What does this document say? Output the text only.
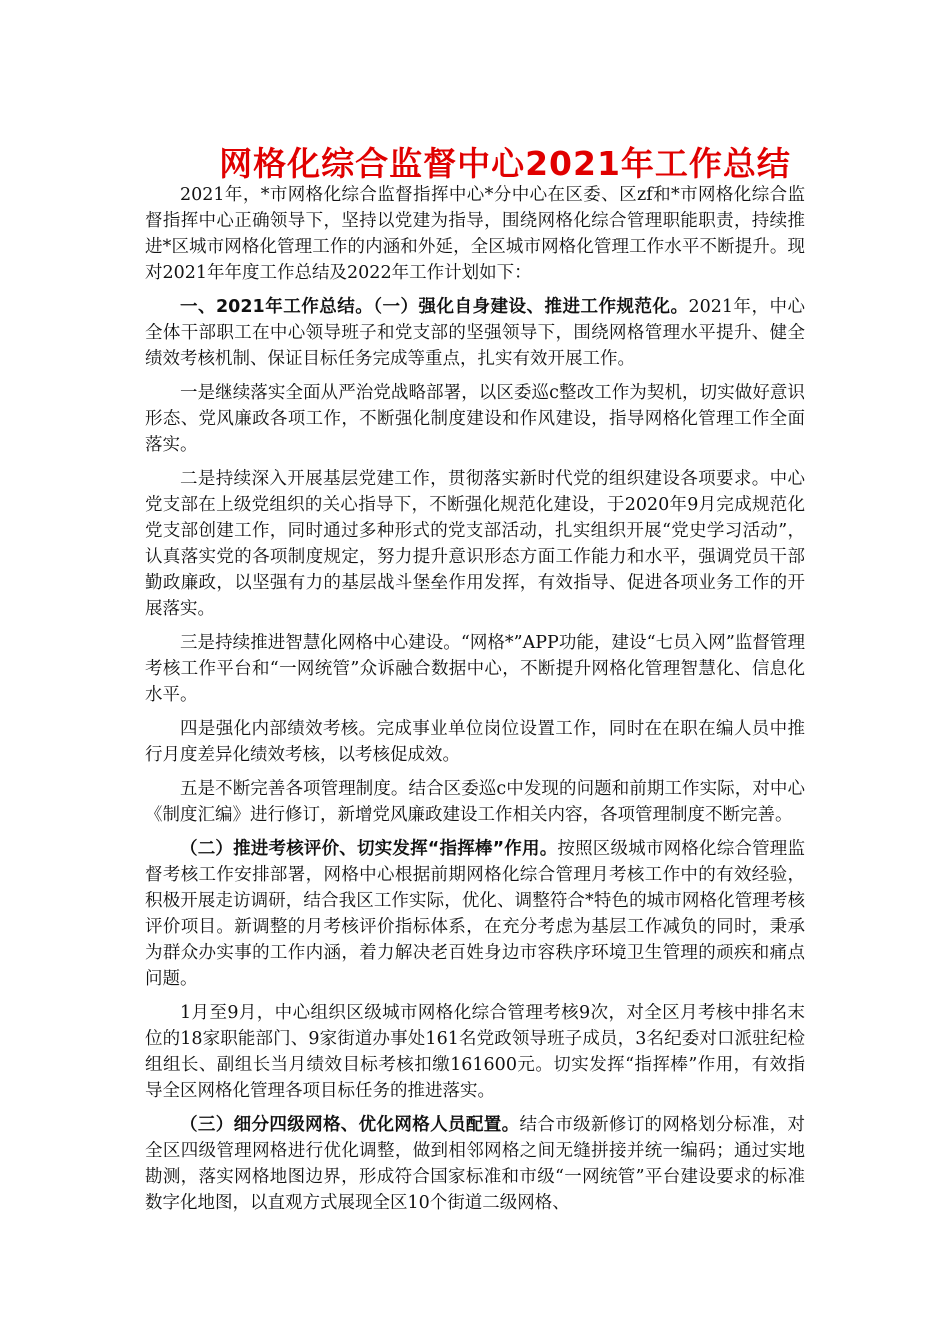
网格化综合监督中心2021年工作总结

2021年，*市网格化综合监督指挥中心*分中心在区委、区zf和*市网格化综合监督指挥中心正确领导下，坚持以党建为指导，围绕网格化综合管理职能职责，持续推进*区城市网格化管理工作的内涵和外延，全区城市网格化管理工作水平不断提升。现对2021年年度工作总结及2022年工作计划如下：

一、2021年工作总结。（一）强化自身建设、推进工作规范化。2021年，中心全体干部职工在中心领导班子和党支部的坚强领导下，围绕网格管理水平提升、健全绩效考核机制、保证目标任务完成等重点，扎实有效开展工作。

一是继续落实全面从严治党战略部署，以区委巡c整改工作为契机，切实做好意识形态、党风廉政各项工作，不断强化制度建设和作风建设，指导网格化管理工作全面落实。

二是持续深入开展基层党建工作，贯彻落实新时代党的组织建设各项要求。中心党支部在上级党组织的关心指导下，不断强化规范化建设，于2020年9月完成规范化党支部创建工作，同时通过多种形式的党支部活动，扎实组织开展“党史学习活动”，认真落实党的各项制度规定，努力提升意识形态方面工作能力和水平，强调党员干部勤政廉政，以坚强有力的基层战斗堡垒作用发挥，有效指导、促进各项业务工作的开展落实。

三是持续推进智慧化网格中心建设。“网格*”APP功能，建设“七员入网”监督管理考核工作平台和“一网统管”众诉融合数据中心，不断提升网格化管理智慧化、信息化水平。

四是强化内部绩效考核。完成事业单位岗位设置工作，同时在在职在编人员中推行月度差异化绩效考核，以考核促成效。

五是不断完善各项管理制度。结合区委巡c中发现的问题和前期工作实际，对中心《制度汇编》进行修订，新增党风廉政建设工作相关内容，各项管理制度不断完善。

（二）推进考核评价、切实发挥“指挥棒”作用。按照区级城市网格化综合管理监督考核工作安排部署，网格中心根据前期网格化综合管理月考核工作中的有效经验，积极开展走访调研，结合我区工作实际，优化、调整符合*特色的城市网格化管理考核评价项目。新调整的月考核评价指标体系，在充分考虑为基层工作减负的同时，秉承为群众办实事的工作内涵，着力解决老百姓身边市容秩序环境卫生管理的顽疾和痛点问题。

1月至9月，中心组织区级城市网格化综合管理考核9次，对全区月考核中排名末位的18家职能部门、9家街道办事处161名党政领导班子成员，3名纪委对口派驻纪检组组长、副组长当月绩效目标考核扣缴161600元。切实发挥“指挥棒”作用，有效指导全区网格化管理各项目标任务的推进落实。

（三）细分四级网格、优化网格人员配置。结合市级新修订的网格划分标准，对全区四级管理网格进行优化调整，做到相邻网格之间无缝拼接并统一编码；通过实地勘测，落实网格地图边界，形成符合国家标准和市级“一网统管”平台建设要求的标准数字化地图，以直观方式展现全区10个街道二级网格、
